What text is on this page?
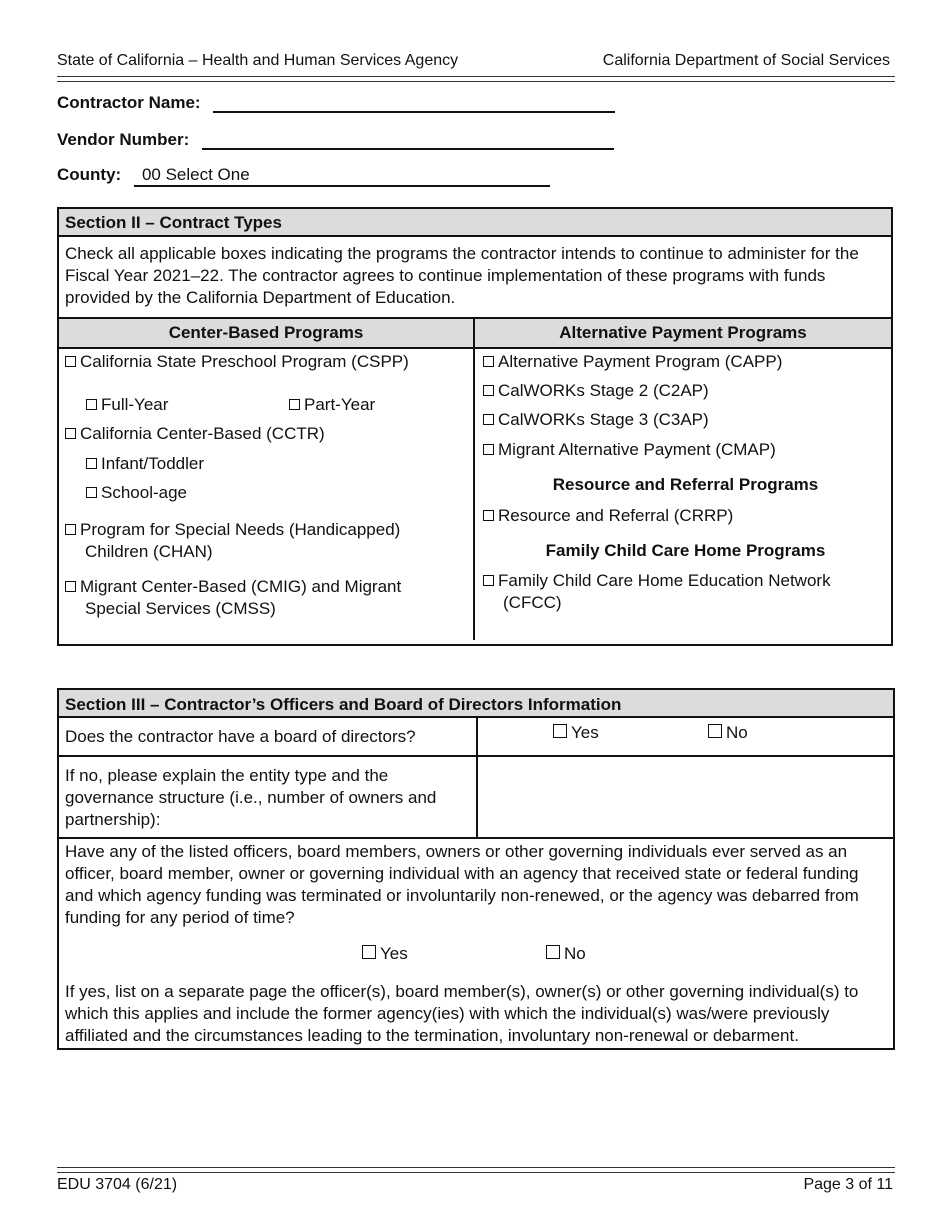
State of California – Health and Human Services Agency	California Department of Social Services
Contractor Name:
Vendor Number:
County: 00 Select One
Section II – Contract Types
Check all applicable boxes indicating the programs the contractor intends to continue to administer for the Fiscal Year 2021–22. The contractor agrees to continue implementation of these programs with funds provided by the California Department of Education.
Center-Based Programs	Alternative Payment Programs
California State Preschool Program (CSPP)
Full-Year	Part-Year
California Center-Based (CCTR)
Infant/Toddler
School-age
Program for Special Needs (Handicapped)
Children (CHAN)
Migrant Center-Based (CMIG) and Migrant
Special Services (CMSS)
Alternative Payment Program (CAPP)
CalWORKs Stage 2 (C2AP)
CalWORKs Stage 3 (C3AP)
Migrant Alternative Payment (CMAP)
Resource and Referral Programs
Resource and Referral (CRRP)
Family Child Care Home Programs
Family Child Care Home Education Network
(CFCC)
Section III – Contractor’s Officers and Board of Directors Information
Does the contractor have a board of directors?	Yes	No
If no, please explain the entity type and the governance structure (i.e., number of owners and partnership):
Have any of the listed officers, board members, owners or other governing individuals ever served as an officer, board member, owner or governing individual with an agency that received state or federal funding and which agency funding was terminated or involuntarily non-renewed, or the agency was debarred from funding for any period of time?
Yes	No
If yes, list on a separate page the officer(s), board member(s), owner(s) or other governing individual(s) to which this applies and include the former agency(ies) with which the individual(s) was/were previously affiliated and the circumstances leading to the termination, involuntary non-renewal or debarment.
EDU 3704 (6/21)	Page 3 of 11
